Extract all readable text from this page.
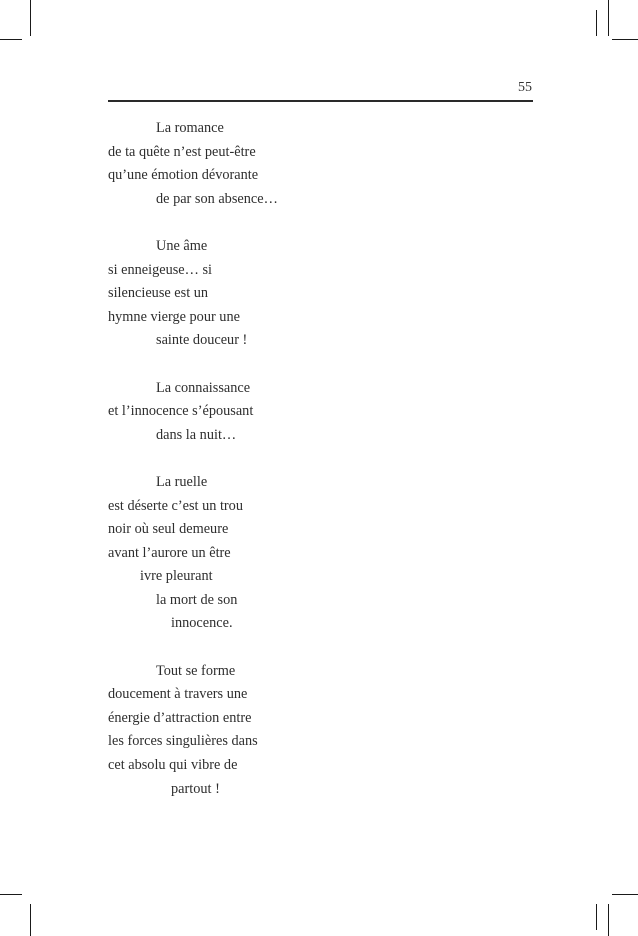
55
La romance
de ta quête n’est peut-être
qu’une émotion dévorante
de par son absence…
Une âme
si enneigeuse… si
silencieuse est un
hymne vierge pour une
sainte douceur !
La connaissance
et l’innocence s’épousant
dans la nuit…
La ruelle
est déserte c’est un trou
noir où seul demeure
avant l’aurore un être
ivre pleurant
la mort de son
innocence.
Tout se forme
doucement à travers une
énergie d’attraction entre
les forces singulières dans
cet absolu qui vibre de
partout !
